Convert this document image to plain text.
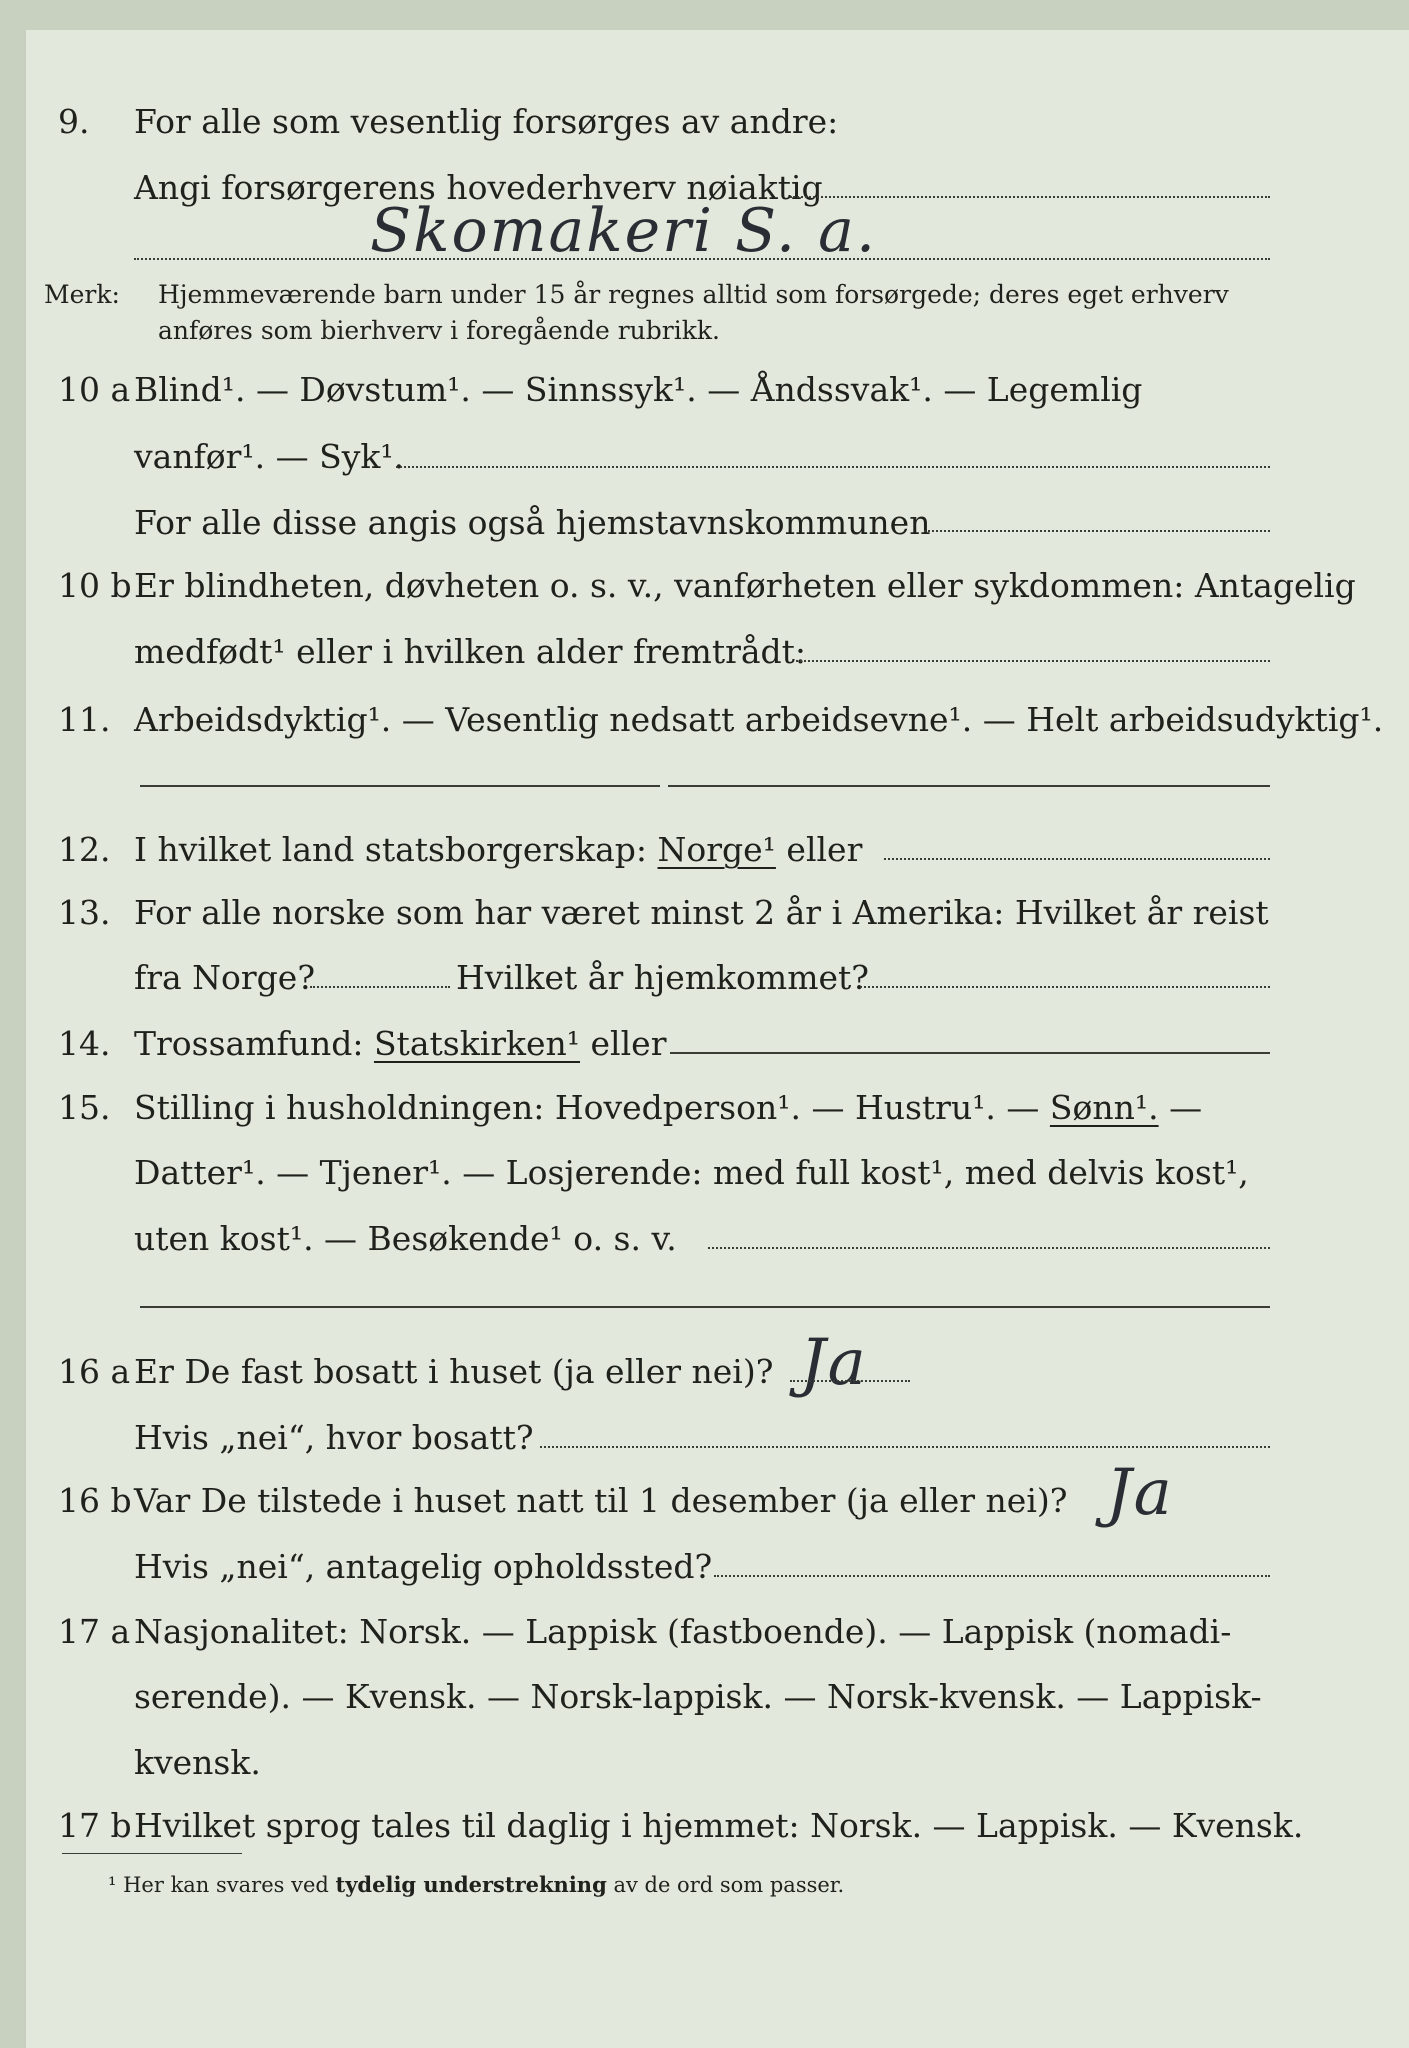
9. For alle som vesentlig forsørges av andre:
Angi forsørgerens hovederhverv nøiaktig
Skomakeri S. a.
Merk: Hjemmeværende barn under 15 år regnes alltid som forsørgede; deres eget erhverv
anføres som bierhverv i foregående rubrikk.
10 a Blind¹. — Døvstum¹. — Sinnssyk¹. — Åndssvak¹. — Legemlig
vanfør¹. — Syk¹.
For alle disse angis også hjemstavnskommunen
10 b Er blindheten, døvheten o. s. v., vanførheten eller sykdommen: Antagelig
medfødt¹ eller i hvilken alder fremtrådt:
11. Arbeidsdyktig¹. — Vesentlig nedsatt arbeidsevne¹. — Helt arbeidsudyktig¹.
12. I hvilket land statsborgerskap: Norge¹ eller
13. For alle norske som har været minst 2 år i Amerika: Hvilket år reist
fra Norge?	Hvilket år hjemkommet?
14. Trossamfund: Statskirken¹ eller
15. Stilling i husholdningen: Hovedperson¹. — Hustru¹. — Sønn¹. —
Datter¹. — Tjener¹. — Losjerende: med full kost¹, med delvis kost¹,
uten kost¹. — Besøkende¹ o. s. v.
16 a Er De fast bosatt i huset (ja eller nei)? Ja
Hvis „nei“, hvor bosatt?
16 b Var De tilstede i huset natt til 1 desember (ja eller nei)? Ja
Hvis „nei“, antagelig opholdssted?
17 a Nasjonalitet: Norsk. — Lappisk (fastboende). — Lappisk (nomadi-
serende). — Kvensk. — Norsk-lappisk. — Norsk-kvensk. — Lappisk-
kvensk.
17 b Hvilket sprog tales til daglig i hjemmet: Norsk. — Lappisk. — Kvensk.
¹ Her kan svares ved tydelig understrekning av de ord som passer.
